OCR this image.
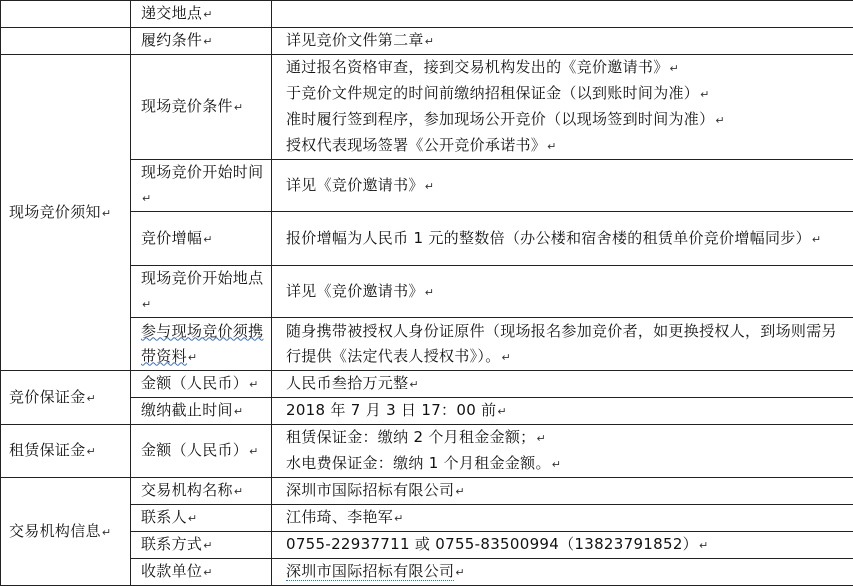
	递交地点↵	
	履约条件↵	详见竞价文件第二章↵
现场竞价须知↵	现场竞价条件↵	通过报名资格审查，接到交易机构发出的《竞价邀请书》↵
于竞价文件规定的时间前缴纳招租保证金（以到账时间为准）↵
准时履行签到程序，参加现场公开竞价（以现场签到时间为准）↵
授权代表现场签署《公开竞价承诺书》↵

	现场竞价开始时间↵	详见《竞价邀请书》↵
	竞价增幅↵	报价增幅为人民币 1 元的整数倍（办公楼和宿舍楼的租赁单价竞价增幅同步）↵
	现场竞价开始地点↵	详见《竞价邀请书》↵
	参与现场竞价须携带资料↵	随身携带被授权人身份证原件（现场报名参加竞价者，如更换授权人，到场则需另行提供《法定代表人授权书》）。↵
竞价保证金↵	金额（人民币）↵	人民币叁拾万元整↵
	缴纳截止时间↵	2018 年 7 月 3 日 17：00 前↵
租赁保证金↵	金额（人民币）↵	租赁保证金：缴纳 2 个月租金金额；↵
水电费保证金：缴纳 1 个月租金金额。↵

交易机构信息↵	交易机构名称↵	深圳市国际招标有限公司↵
	联系人↵	江伟琦、李艳军↵
	联系方式↵	0755-22937711 或 0755-83500994（13823791852）↵
	收款单位↵	深圳市国际招标有限公司↵
